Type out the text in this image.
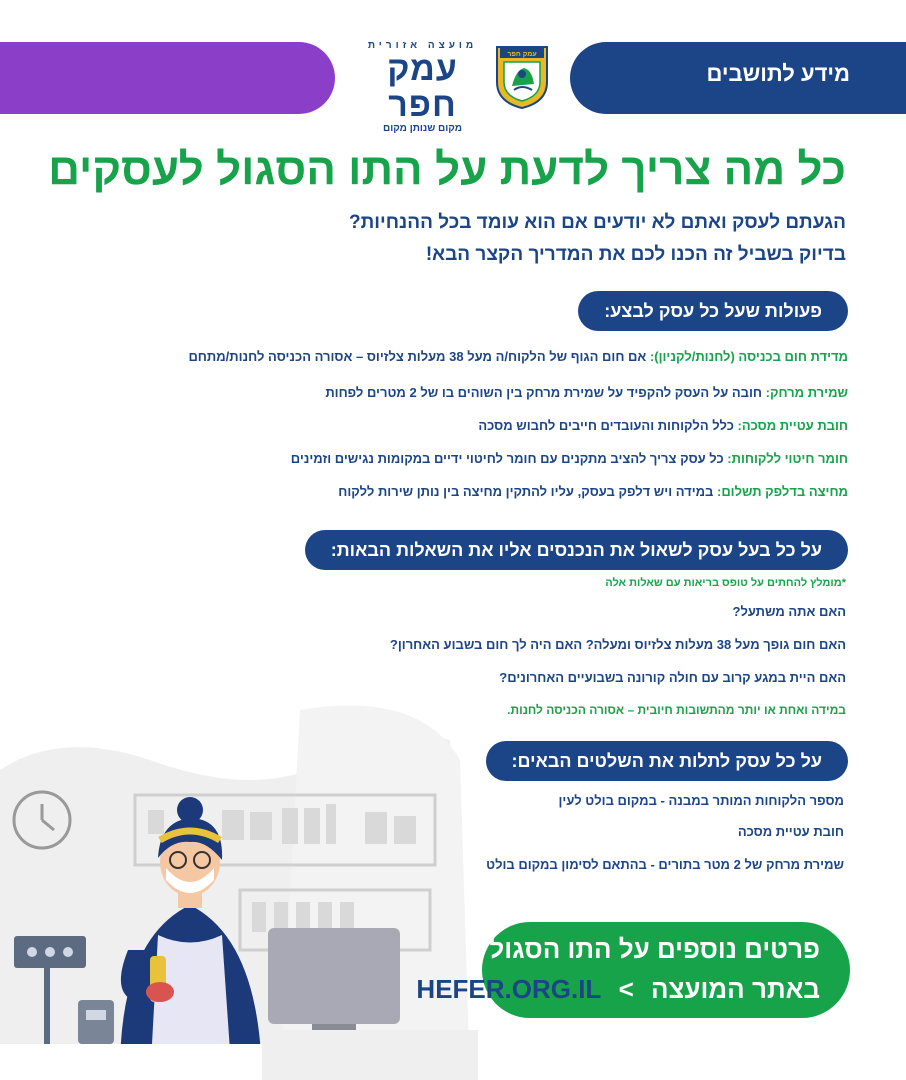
מידע לתושבים
מועצה אזורית
עמק חפר
מקום שנותן מקום
עמק חפר
כל מה צריך לדעת על התו הסגול לעסקים
הגעתם לעסק ואתם לא יודעים אם הוא עומד בכל ההנחיות?
בדיוק בשביל זה הכנו לכם את המדריך הקצר הבא!
פעולות שעל כל עסק לבצע:
מדידת חום בכניסה (לחנות/לקניון): אם חום הגוף של הלקוח/ה מעל 38 מעלות צלזיוס – אסורה הכניסה לחנות/מתחם
שמירת מרחק: חובה על העסק להקפיד על שמירת מרחק בין השוהים בו של 2 מטרים לפחות
חובת עטיית מסכה: כלל הלקוחות והעובדים חייבים לחבוש מסכה
חומר חיטוי ללקוחות: כל עסק צריך להציב מתקנים עם חומר לחיטוי ידיים במקומות נגישים וזמינים
מחיצה בדלפק תשלום: במידה ויש דלפק בעסק, עליו להתקין מחיצה בין נותן שירות ללקוח
על כל בעל עסק לשאול את הנכנסים אליו את השאלות הבאות:
*מומלץ להחתים על טופס בריאות עם שאלות אלה
האם אתה משתעל?
האם חום גופך מעל 38 מעלות צלזיוס ומעלה? האם היה לך חום בשבוע האחרון?
האם היית במגע קרוב עם חולה קורונה בשבועיים האחרונים?
במידה ואחת או יותר מהתשובות חיובית – אסורה הכניסה לחנות.
על כל עסק לתלות את השלטים הבאים:
מספר הלקוחות המותר במבנה - במקום בולט לעין
חובת עטיית מסכה
שמירת מרחק של 2 מטר בתורים - בהתאם לסימון במקום בולט
פרטים נוספים על התו הסגול
באתר המועצה > HEFER.ORG.IL
